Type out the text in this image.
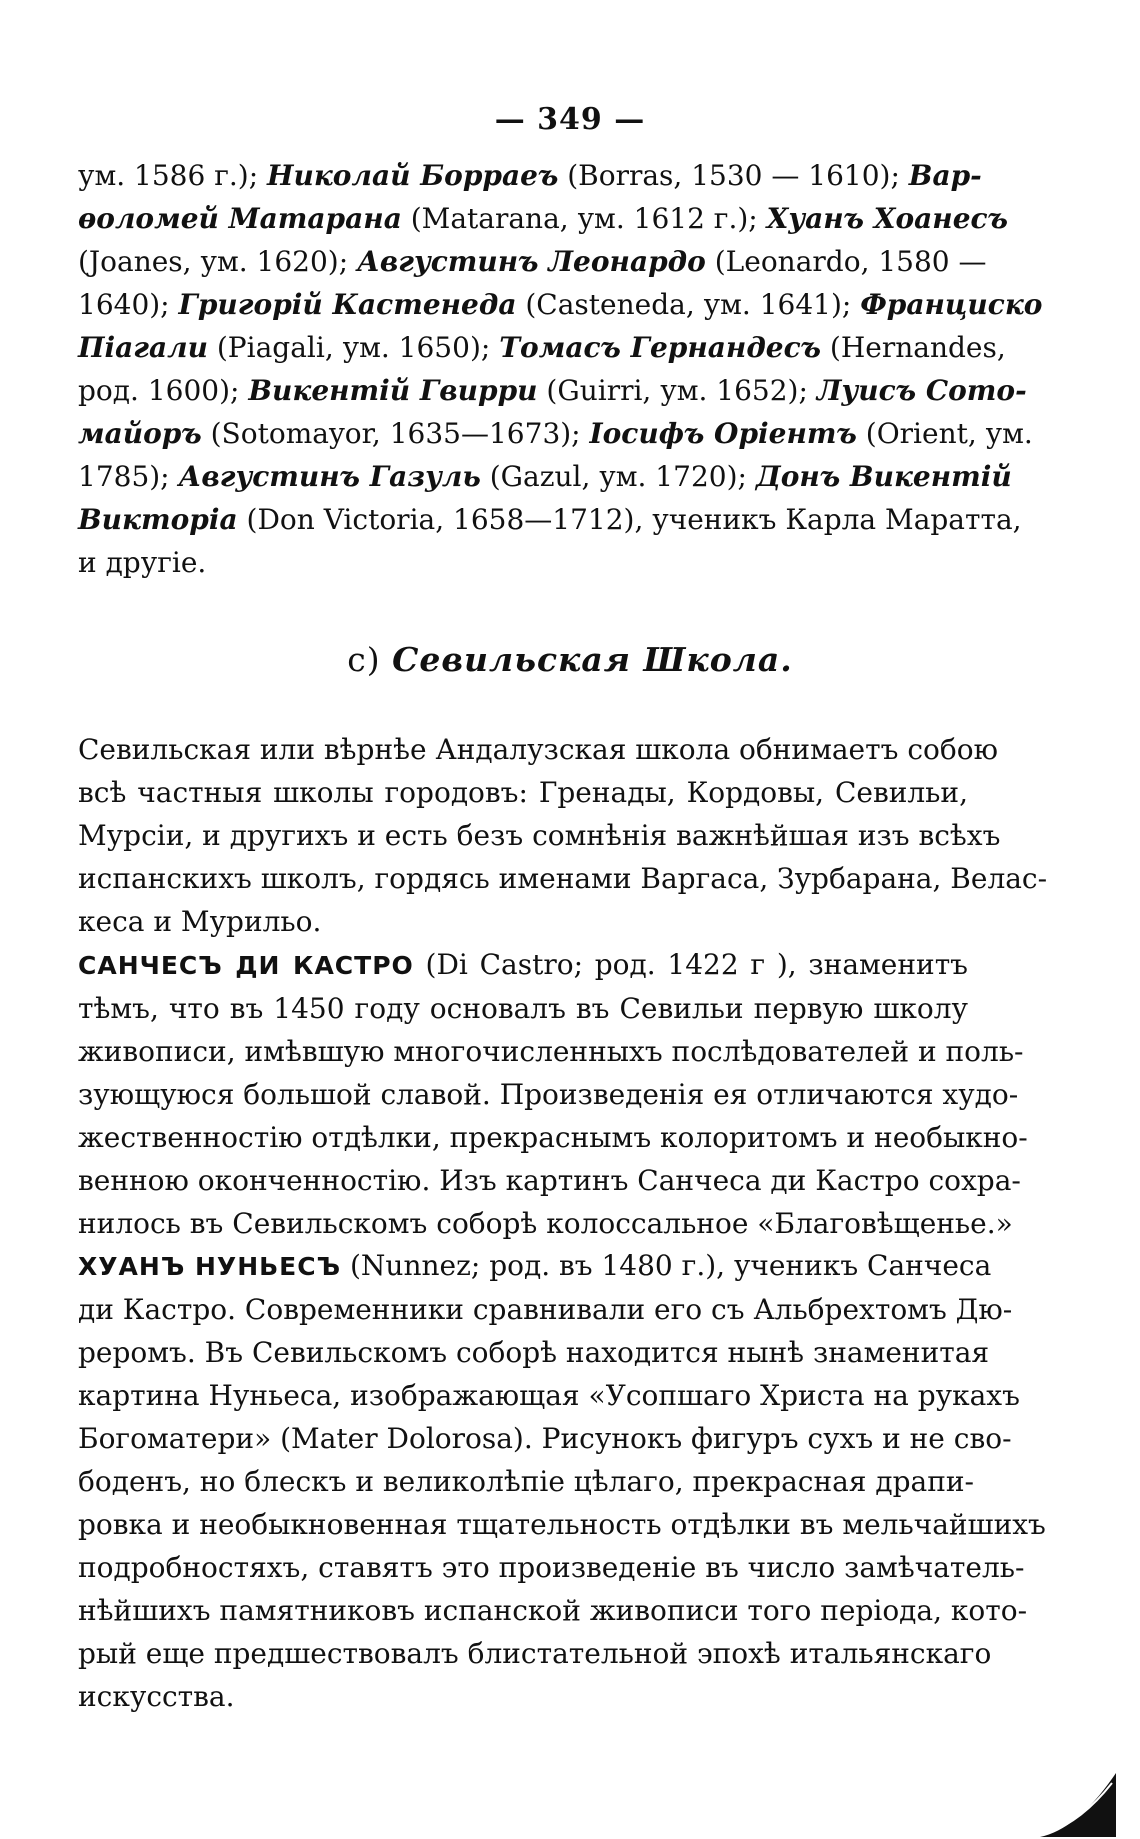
— 349 —
ум. 1586 г.); Николай Борраеъ (Borras, 1530 — 1610); Вар-
ѳоломей Матарана (Matarana, ум. 1612 г.); Хуанъ Хоанесъ
(Joanes, ум. 1620); Августинъ Леонардо (Leonardo, 1580 —
1640); Григорій Кастенеда (Casteneda, ум. 1641); Франциско
Піагали (Piagali, ум. 1650); Томасъ Гернандесъ (Hernandes,
род. 1600); Викентій Гвирри (Guirri, ум. 1652); Луисъ Сото-
майоръ (Sotomayor, 1635—1673); Іосифъ Оріентъ (Orient, ум.
1785); Августинъ Газуль (Gazul, ум. 1720); Донъ Викентій
Викторіа (Don Victoria, 1658—1712), ученикъ Карла Маратта,
и другіе.
c) Севильская Школа.
Севильская или вѣрнѣе Андалузская школа обнимаетъ собою
всѣ частныя школы городовъ: Гренады, Кордовы, Севильи,
Мурсіи, и другихъ и есть безъ сомнѣнія важнѣйшая изъ всѣхъ
испанскихъ школъ, гордясь именами Варгаса, Зурбарана, Велас-
кеса и Мурильо.
САНЧЕСЪ ДИ КАСТРО (Di Castro; род. 1422 г ), знаменитъ
тѣмъ, что въ 1450 году основалъ въ Севильи первую школу
живописи, имѣвшую многочисленныхъ послѣдователей и поль-
зующуюся большой славой. Произведенія ея отличаются худо-
жественностію отдѣлки, прекраснымъ колоритомъ и необыкно-
венною оконченностію. Изъ картинъ Санчеса ди Кастро сохра-
нилось въ Севильскомъ соборѣ колоссальное «Благовѣщенье.»
ХУАНЪ НУНЬЕСЪ (Nunnez; род. въ 1480 г.), ученикъ Санчеса
ди Кастро. Современники сравнивали его съ Альбрехтомъ Дю-
реромъ. Въ Севильскомъ соборѣ находится нынѣ знаменитая
картина Нуньеса, изображающая «Усопшаго Христа на рукахъ
Богоматери» (Mater Dolorosa). Рисунокъ фигуръ сухъ и не сво-
боденъ, но блескъ и великолѣпіе цѣлаго, прекрасная драпи-
ровка и необыкновенная тщательность отдѣлки въ мельчайшихъ
подробностяхъ, ставятъ это произведеніе въ число замѣчатель-
нѣйшихъ памятниковъ испанской живописи того періода, кото-
рый еще предшествовалъ блистательной эпохѣ итальянскаго
искусства.
